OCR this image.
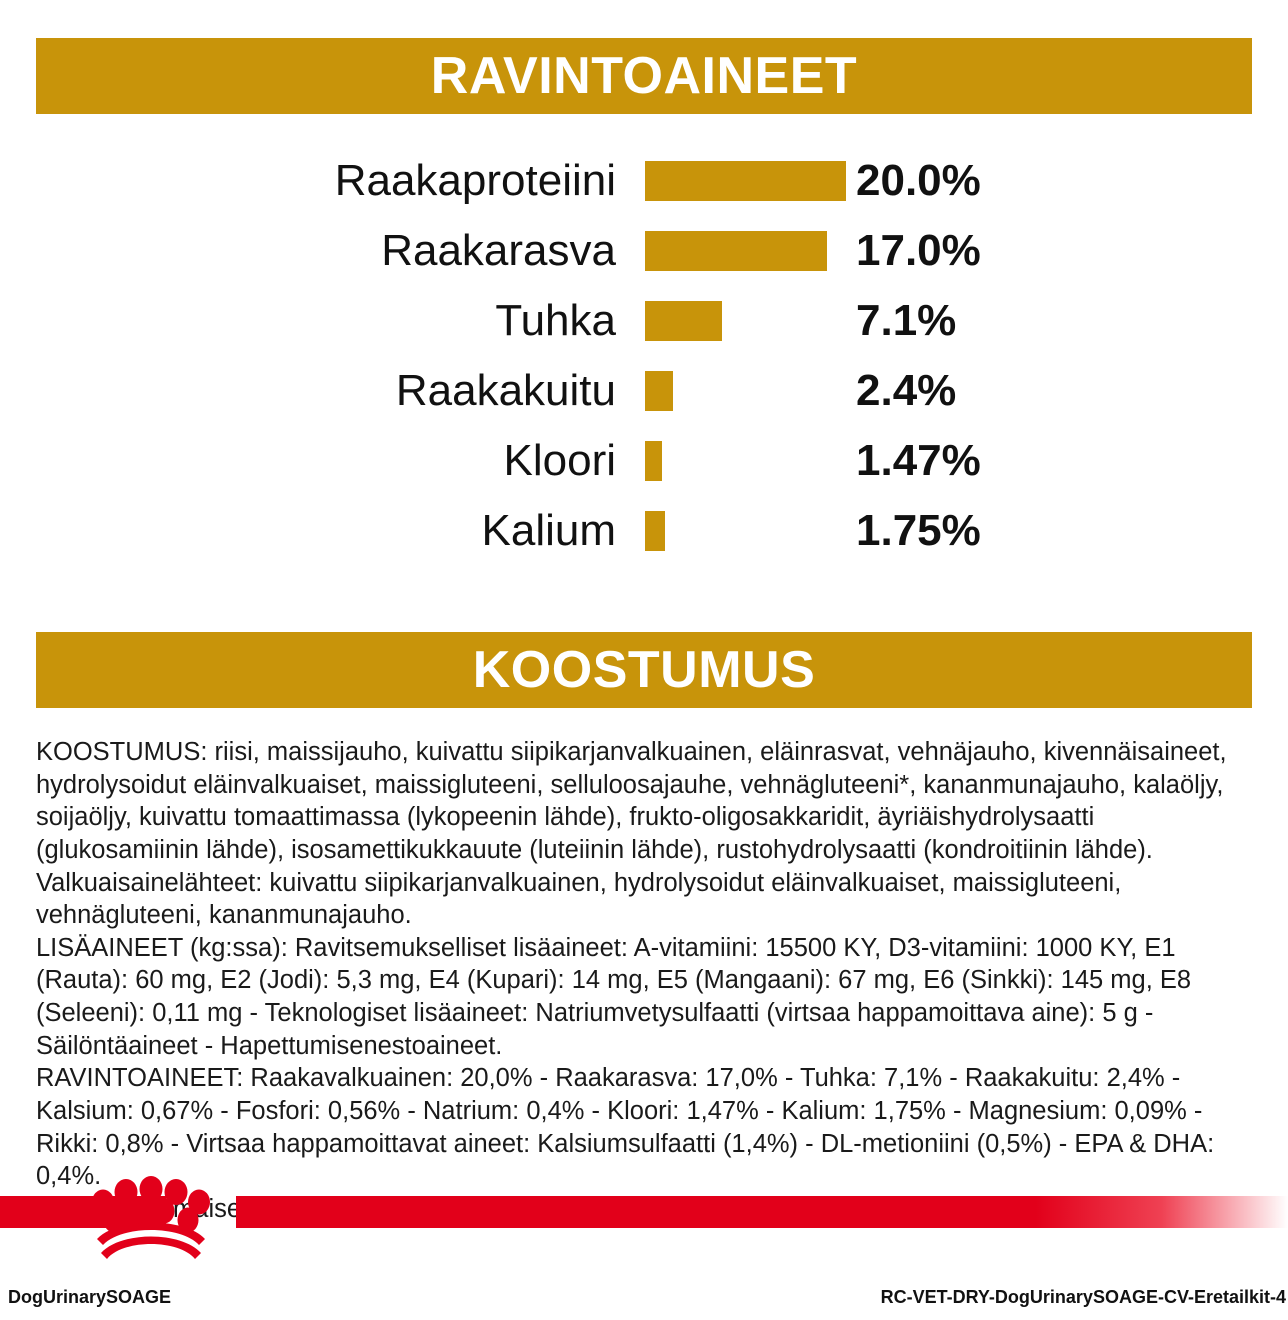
RAVINTOAINEET
Raakaproteiini	20.0%
Raakarasva	17.0%
Tuhka	7.1%
Raakakuitu	2.4%
Kloori	1.47%
Kalium	1.75%
KOOSTUMUS

KOOSTUMUS: riisi, maissijauho, kuivattu siipikarjanvalkuainen, eläinrasvat, vehnäjauho, kivennäisaineet, hydrolysoidut eläinvalkuaiset, maissigluteeni, selluloosajauhe, vehnägluteeni*, kananmunajauho, kalaöljy, soijaöljy, kuivattu tomaattimassa (lykopeenin lähde), frukto-oligosakkaridit, äyriäishydrolysaatti (glukosamiinin lähde), isosamettikukkauute (luteiinin lähde), rustohydrolysaatti (kondroitiinin lähde). Valkuaisainelähteet: kuivattu siipikarjanvalkuainen, hydrolysoidut eläinvalkuaiset, maissigluteeni, vehnägluteeni, kananmunajauho.

LISÄAINEET (kg:ssa): Ravitsemukselliset lisäaineet: A-vitamiini: 15500 KY, D3-vitamiini: 1000 KY, E1 (Rauta): 60 mg, E2 (Jodi): 5,3 mg, E4 (Kupari): 14 mg, E5 (Mangaani): 67 mg, E6 (Sinkki): 145 mg, E8 (Seleeni): 0,11 mg - Teknologiset lisäaineet: Natriumvetysulfaatti (virtsaa happamoittava aine): 5 g - Säilöntäaineet - Hapettumisenestoaineet.

RAVINTOAINEET: Raakavalkuainen: 20,0% - Raakarasva: 17,0% - Tuhka: 7,1% - Raakakuitu: 2,4% - Kalsium: 0,67% - Fosfori: 0,56% - Natrium: 0,4% - Kloori: 1,47% - Kalium: 1,75% - Magnesium: 0,09% - Rikki: 0,8% - Virtsaa happamoittavat aineet: Kalsiumsulfaatti (1,4%) - DL-metioniini (0,5%) - EPA & DHA: 0,4%.

DogUrinarySOAGE	RC-VET-DRY-DogUrinarySOAGE-CV-Eretailkit-4
